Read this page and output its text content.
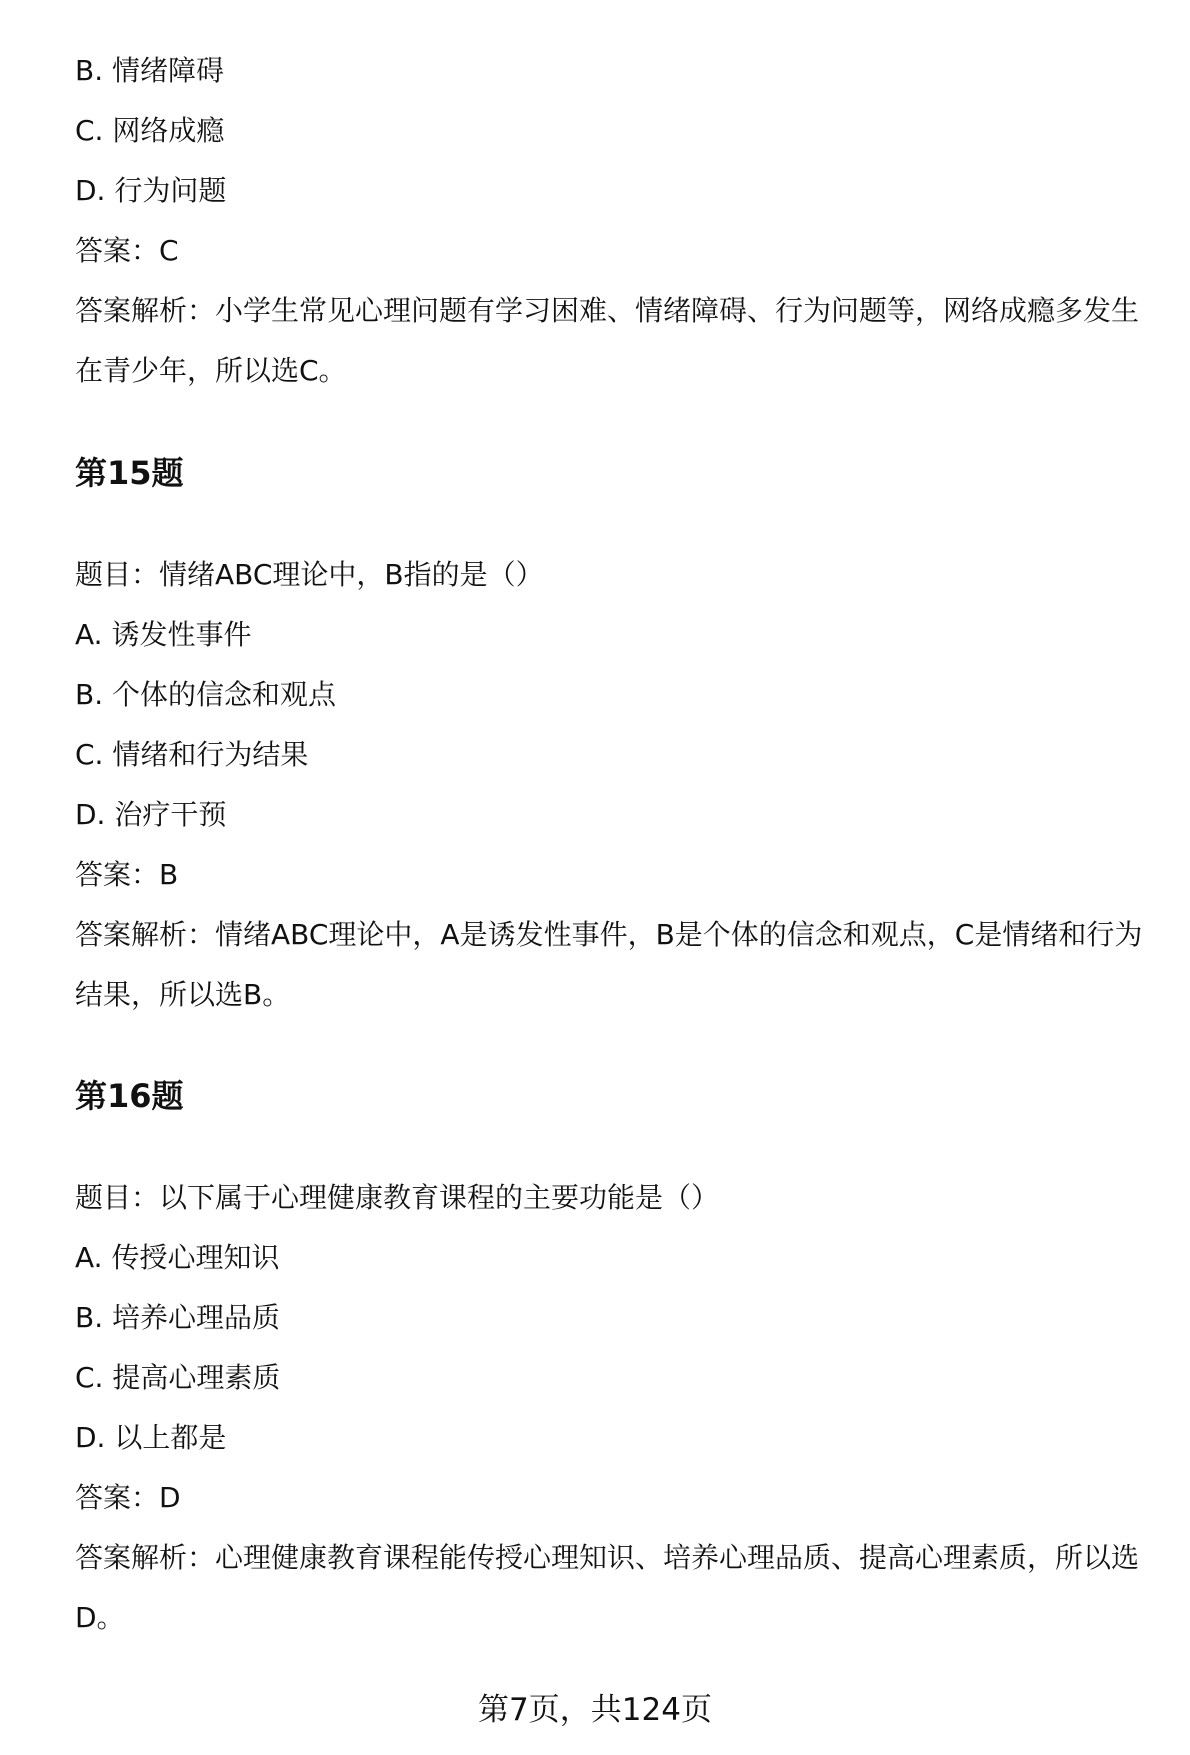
B. 情绪障碍
C. 网络成瘾
D. 行为问题
答案：C
答案解析：小学生常见心理问题有学习困难、情绪障碍、行为问题等，网络成瘾多发生在青少年，所以选C。
第15题
题目：情绪ABC理论中，B指的是（）
A. 诱发性事件
B. 个体的信念和观点
C. 情绪和行为结果
D. 治疗干预
答案：B
答案解析：情绪ABC理论中，A是诱发性事件，B是个体的信念和观点，C是情绪和行为结果，所以选B。
第16题
题目：以下属于心理健康教育课程的主要功能是（）
A. 传授心理知识
B. 培养心理品质
C. 提高心理素质
D. 以上都是
答案：D
答案解析：心理健康教育课程能传授心理知识、培养心理品质、提高心理素质，所以选D。
第7页，共124页
